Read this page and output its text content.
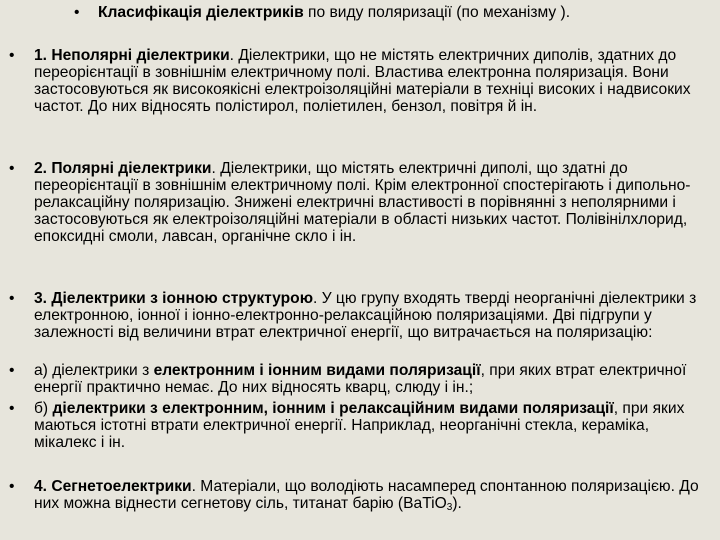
• Класифікація діелектриків по виду поляризації (по механізму ).
• 1. Неполярні діелектрики. Діелектрики, що не містять електричних диполів, здатних до переорієнтації в зовнішнім електричному полі. Властива електронна поляризація. Вони застосовуються як високоякісні електроізоляційні матеріали в техніці високих і надвисоких частот. До них відносять полістирол, поліетилен, бензол, повітря й ін.
• 2. Полярні діелектрики. Діелектрики, що містять електричні диполі, що здатні до переорієнтації в зовнішнім електричному полі. Крім електронної спостерігають і дипольно-релаксаційну поляризацію. Знижені електричні властивості в порівнянні з неполярними і застосовуються як електроізоляційні матеріали в області низьких частот. Полівінілхлорид, епоксидні смоли, лавсан, органічне скло і ін.
• 3. Діелектрики з іонною структурою. У цю групу входять тверді неорганічні діелектрики з електронною, іонної і іонно-електронно-релаксаційною поляризаціями. Дві підгрупи у залежності від величини втрат електричної енергії, що витрачається на поляризацію:
• а) діелектрики з електронним і іонним видами поляризації, при яких втрат електричної енергії практично немає. До них відносять кварц, слюду і ін.;
• б) діелектрики з електронним, іонним і релаксаційним видами поляризації, при яких маються істотні втрати електричної енергії. Наприклад, неорганічні стекла, кераміка, мікалекс і ін.
• 4. Сегнетоелектрики. Матеріали, що володіють насамперед спонтанною поляризацією. До них можна віднести сегнетову сіль, титанат барію (BaTiO$_3$).
